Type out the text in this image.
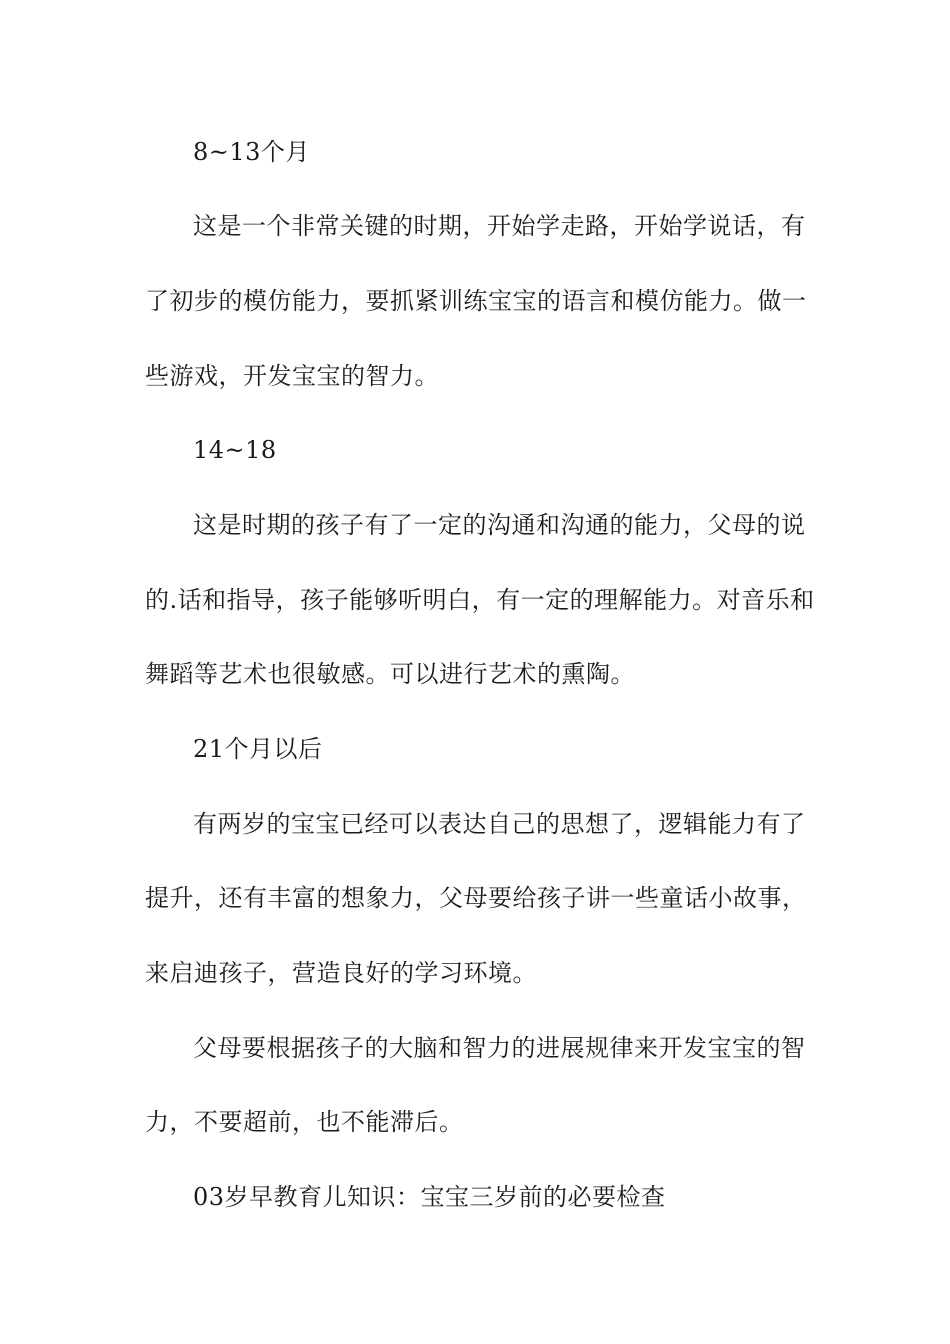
8~13个月
这是一个非常关键的时期，开始学走路，开始学说话，有
了初步的模仿能力，要抓紧训练宝宝的语言和模仿能力。做一
些游戏，开发宝宝的智力。
14~18
这是时期的孩子有了一定的沟通和沟通的能力，父母的说
的.话和指导，孩子能够听明白，有一定的理解能力。对音乐和
舞蹈等艺术也很敏感。可以进行艺术的熏陶。
21个月以后
有两岁的宝宝已经可以表达自己的思想了，逻辑能力有了
提升，还有丰富的想象力，父母要给孩子讲一些童话小故事，
来启迪孩子，营造良好的学习环境。
父母要根据孩子的大脑和智力的进展规律来开发宝宝的智
力，不要超前，也不能滞后。
03岁早教育儿知识：宝宝三岁前的必要检查
